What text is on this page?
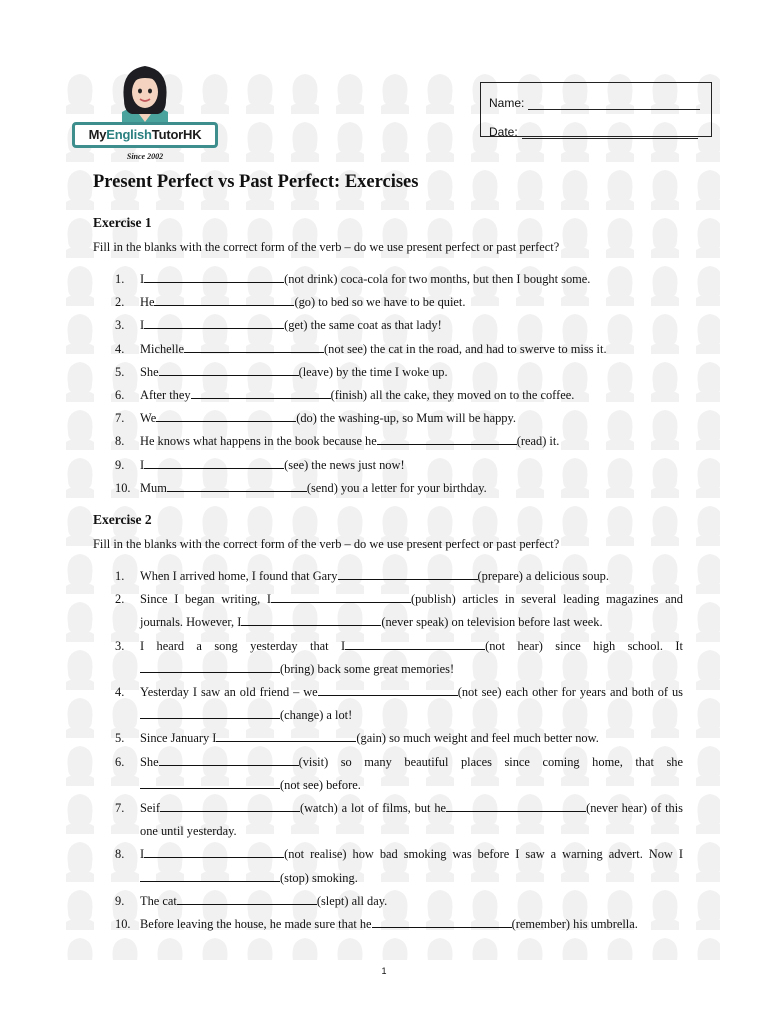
MyEnglishTutorHK
Since 2002
Name:
Date:
Present Perfect vs Past Perfect: Exercises
Exercise 1

Fill in the blanks with the correct form of the verb – do we use present perfect or past perfect?

1. I	(not drink) coca-cola for two months, but then I bought some.
2. He	(go) to bed so we have to be quiet.
3. I	(get) the same coat as that lady!
4. Michelle	(not see) the cat in the road, and had to swerve to miss it.
5. She	(leave) by the time I woke up.
6. After they	(finish) all the cake, they moved on to the coffee.
7. We	(do) the washing-up, so Mum will be happy.
8. He knows what happens in the book because he	(read) it.
9. I	(see) the news just now!
10. Mum	(send) you a letter for your birthday.
Exercise 2

Fill in the blanks with the correct form of the verb – do we use present perfect or past perfect?

1. When I arrived home, I found that Gary	(prepare) a delicious soup.
2. Since I began writing, I	(publish) articles in several leading magazines and journals. However, I	(never speak) on television before last week.
3. I heard a song yesterday that I	(not hear) since high school. It (bring) back some great memories!
4. Yesterday I saw an old friend – we	(not see) each other for years and both of us(change) a lot!
5. Since January I	(gain) so much weight and feel much better now.
6. She	(visit) so many beautiful places since coming home, that she (not see) before.
7. Seif	(watch) a lot of films, but he	(never hear) of this one until yesterday.
8. I	(not realise) how bad smoking was before I saw a warning advert. Now I(stop) smoking.
9. The cat	(slept) all day.
10. Before leaving the house, he made sure that he	(remember) his umbrella.
1
